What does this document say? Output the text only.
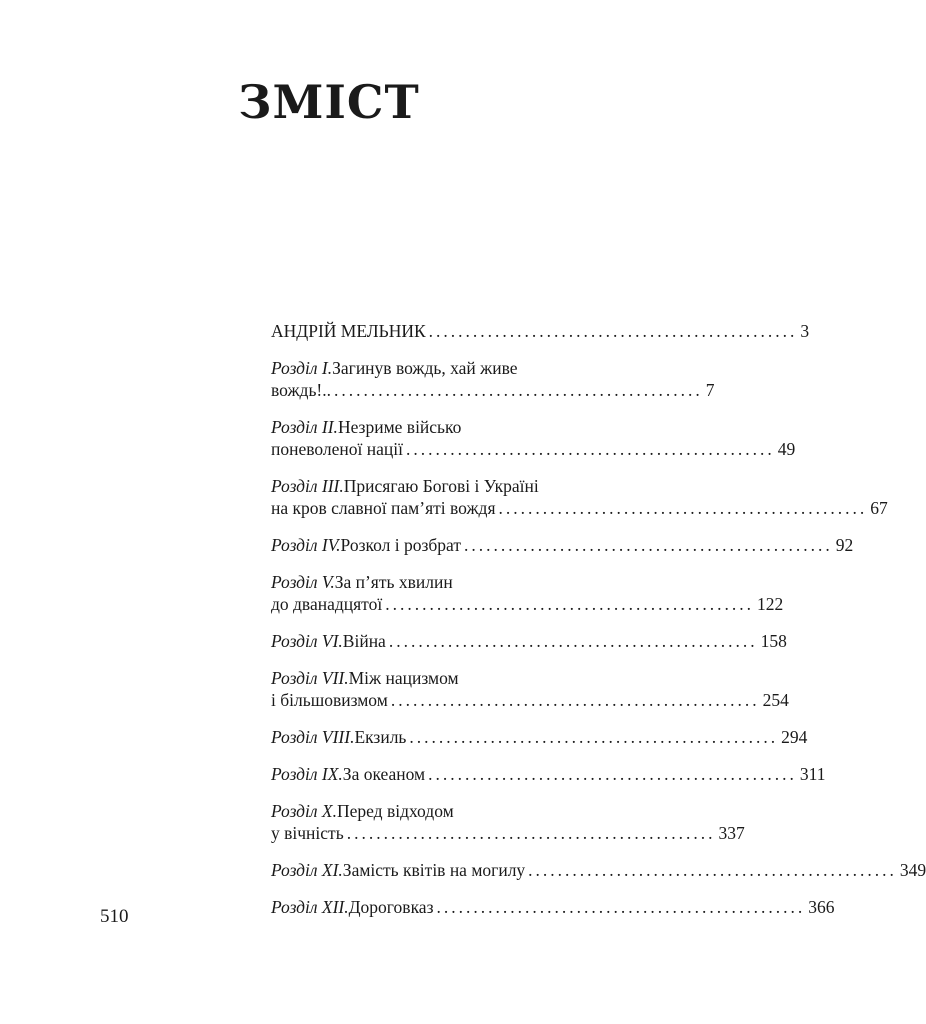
ЗМІСТ
АНДРІЙ МЕЛЬНИК .................................................. 3
Розділ І. Загинув вождь, хай живе
вождь!.. .................................................. 7
Розділ ІІ. Незриме військо
поневоленої нації .................................................. 49
Розділ ІІІ. Присягаю Богові і Україні
на кров славної пам’яті вождя .................................................. 67
Розділ IV. Розкол і розбрат .................................................. 92
Розділ V. За п’ять хвилин
до дванадцятої .................................................. 122
Розділ VI. Війна .................................................. 158
Розділ VII. Між нацизмом
і більшовизмом .................................................. 254
Розділ VIII. Екзиль .................................................. 294
Розділ IX. За океаном .................................................. 311
Розділ X. Перед відходом
у вічність .................................................. 337
Розділ XI. Замість квітів на могилу .................................................. 349
Розділ XII. Дороговказ .................................................. 366
510
